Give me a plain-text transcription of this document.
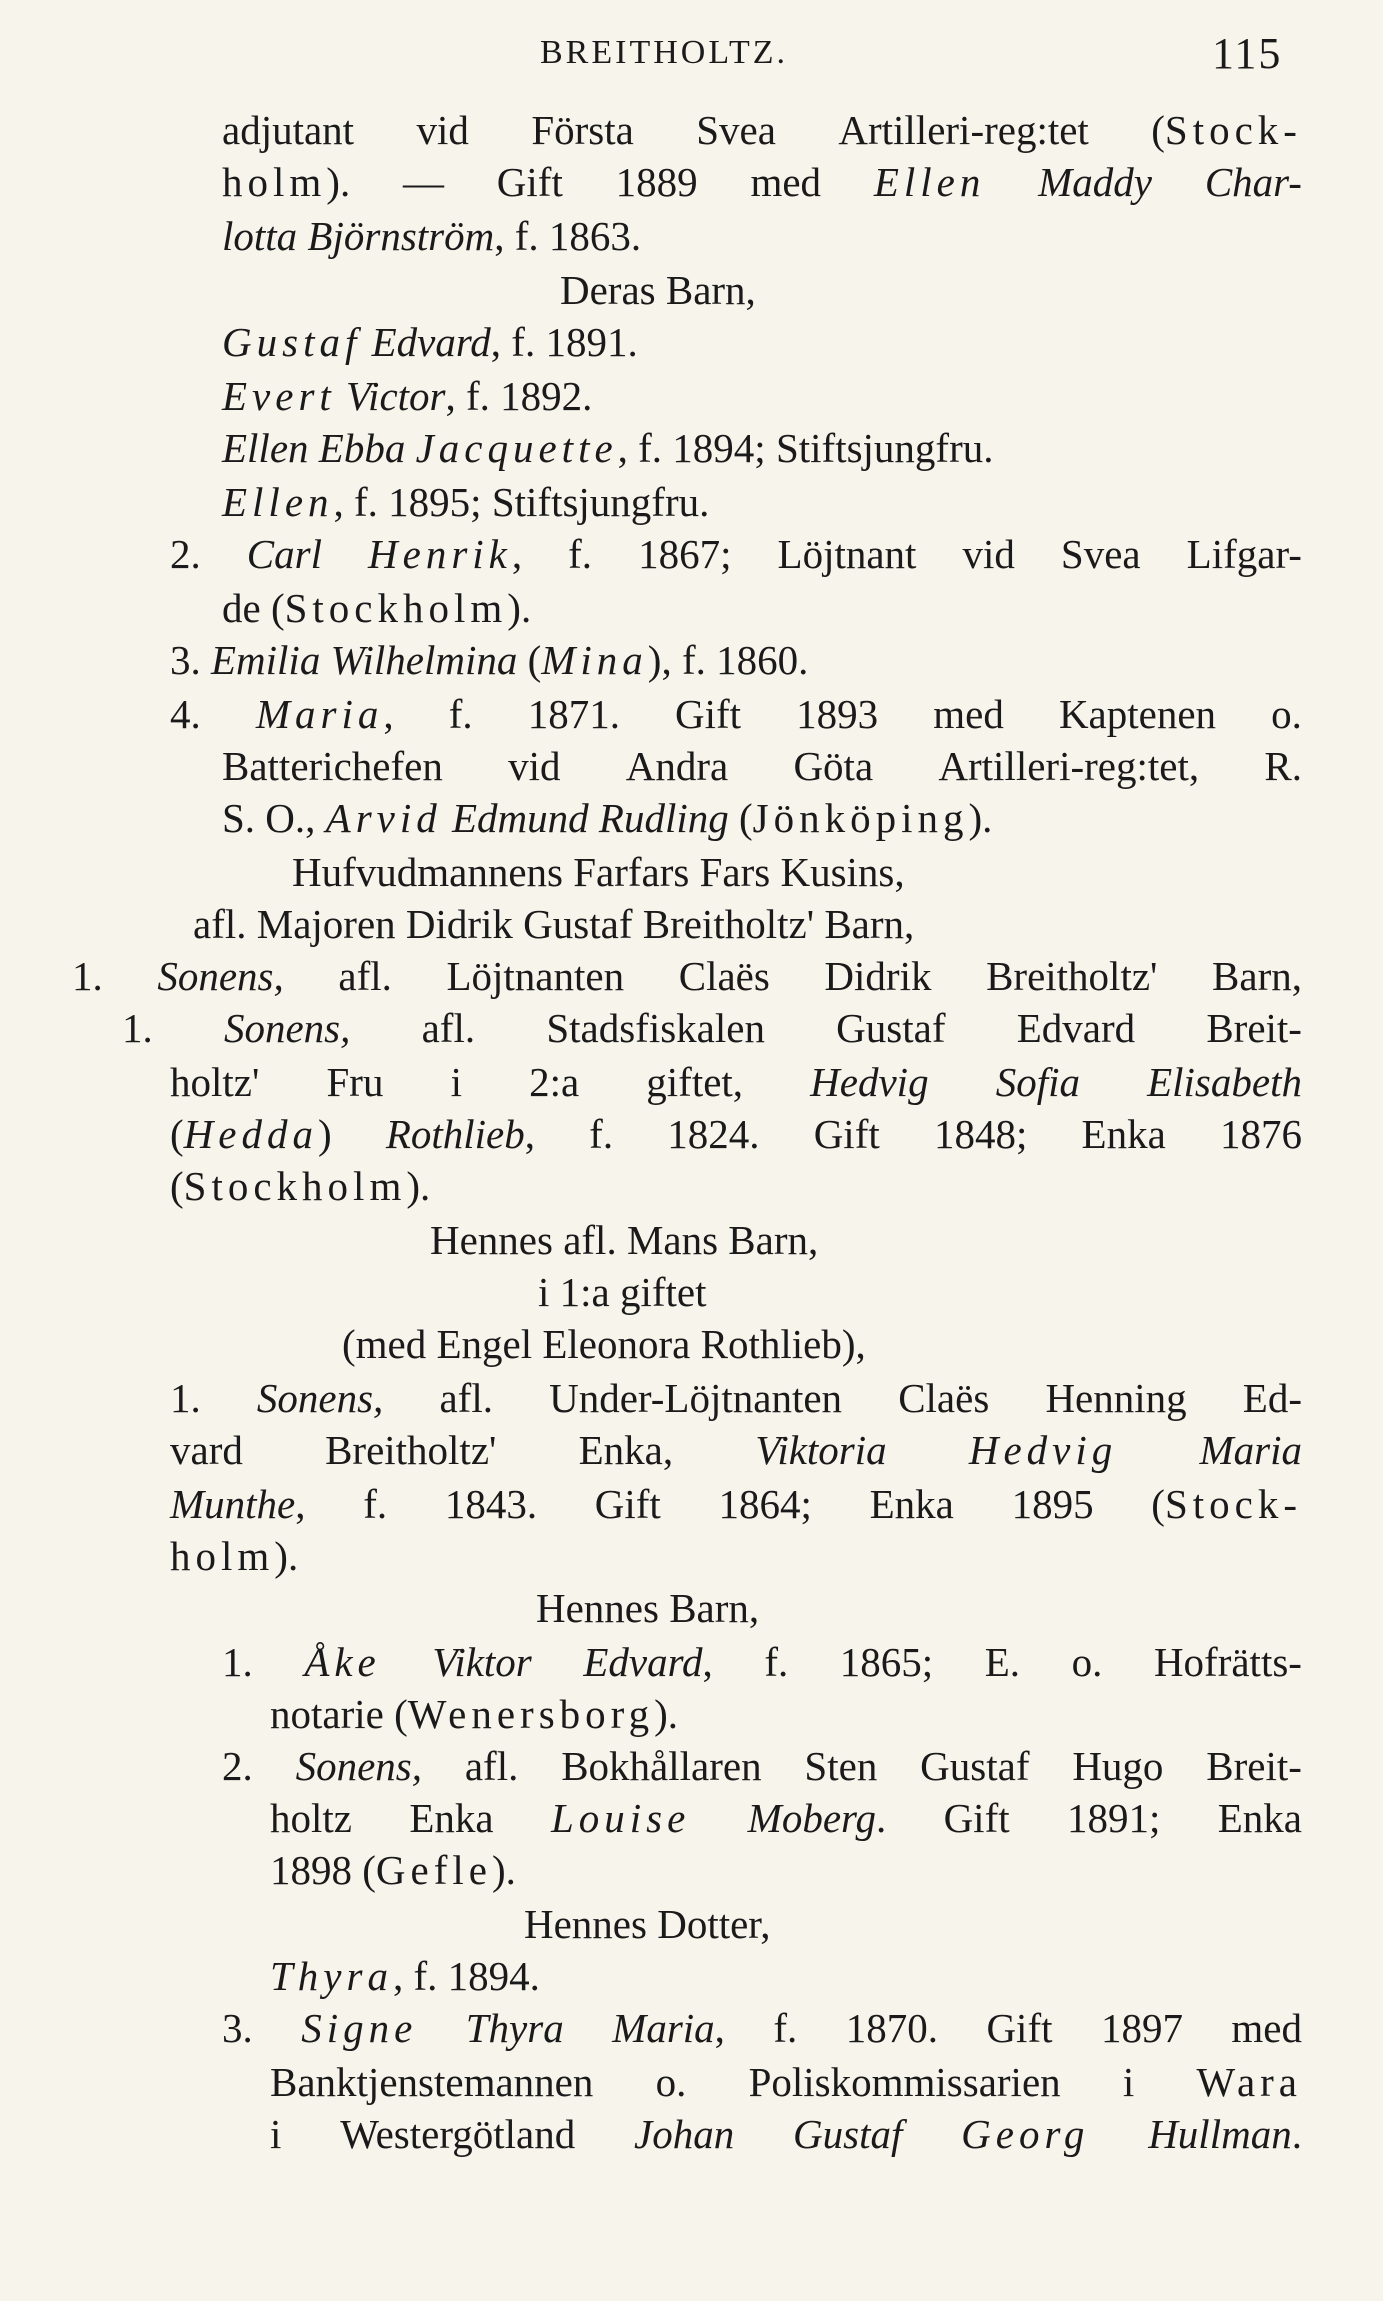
BREITHOLTZ.	115
adjutant vid Första Svea Artilleri-reg:tet (Stock-
holm). — Gift 1889 med Ellen Maddy Char-
lotta Björnström, f. 1863.
Deras Barn,
Gustaf Edvard, f. 1891.
Evert Victor, f. 1892.
Ellen Ebba Jacquette, f. 1894; Stiftsjungfru.
Ellen, f. 1895; Stiftsjungfru.
2. Carl Henrik, f. 1867; Löjtnant vid Svea Lifgar-
de (Stockholm).
3. Emilia Wilhelmina (Mina), f. 1860.
4. Maria, f. 1871. Gift 1893 med Kaptenen o.
Batterichefen vid Andra Göta Artilleri-reg:tet, R.
S. O., Arvid Edmund Rudling (Jönköping).
Hufvudmannens Farfars Fars Kusins,
afl. Majoren Didrik Gustaf Breitholtz' Barn,
1. Sonens, afl. Löjtnanten Claës Didrik Breitholtz' Barn,
1. Sonens, afl. Stadsfiskalen Gustaf Edvard Breit-
holtz' Fru i 2:a giftet, Hedvig Sofia Elisabeth
(Hedda) Rothlieb, f. 1824. Gift 1848; Enka 1876
(Stockholm).
Hennes afl. Mans Barn,
i 1:a giftet
(med Engel Eleonora Rothlieb),
1. Sonens, afl. Under-Löjtnanten Claës Henning Ed-
vard Breitholtz' Enka, Viktoria Hedvig Maria
Munthe, f. 1843. Gift 1864; Enka 1895 (Stock-
holm).
Hennes Barn,
1. Åke Viktor Edvard, f. 1865; E. o. Hofrätts-
notarie (Wenersborg).
2. Sonens, afl. Bokhållaren Sten Gustaf Hugo Breit-
holtz Enka Louise Moberg. Gift 1891; Enka
1898 (Gefle).
Hennes Dotter,
Thyra, f. 1894.
3. Signe Thyra Maria, f. 1870. Gift 1897 med
Banktjenstemannen o. Poliskommissarien i Wara
i Westergötland Johan Gustaf Georg Hullman.
